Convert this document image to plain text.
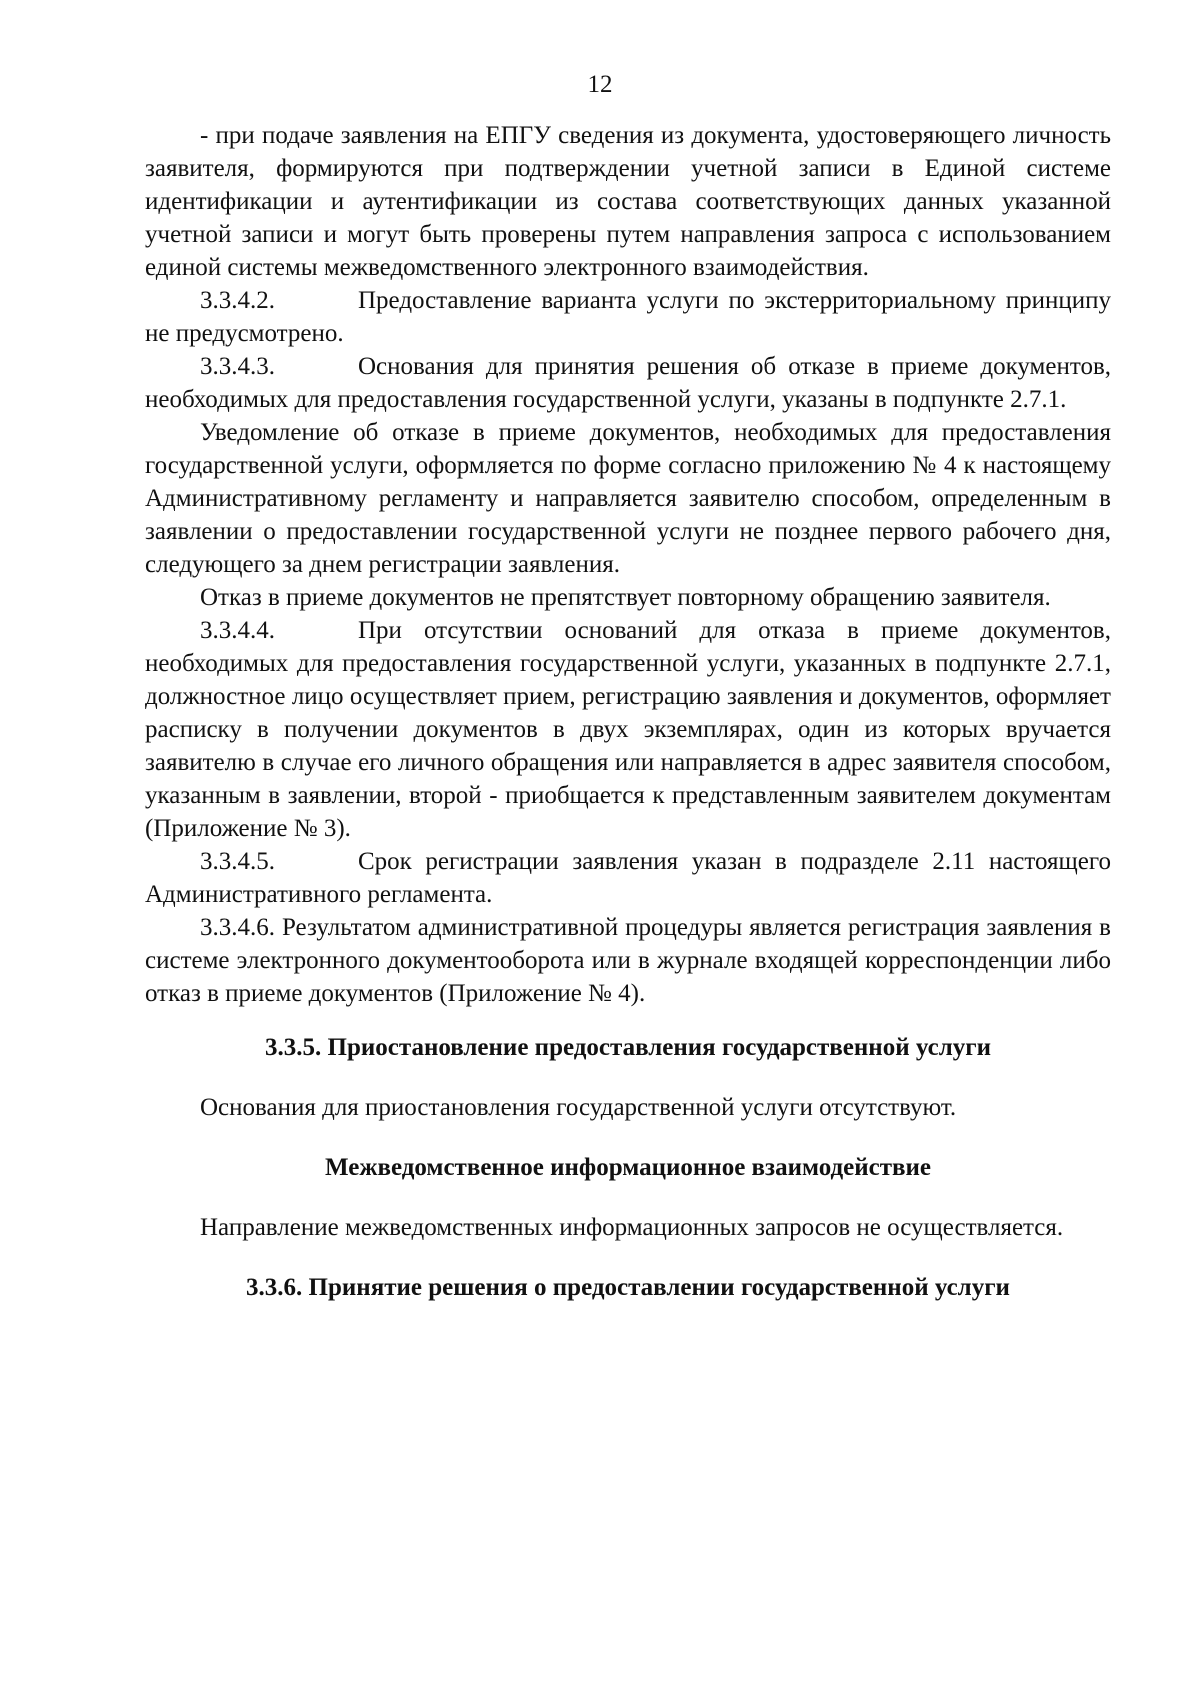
12

- при подаче заявления на ЕПГУ сведения из документа, удостоверяющего личность заявителя, формируются при подтверждении учетной записи в Единой системе идентификации и аутентификации из состава соответствующих данных указанной учетной записи и могут быть проверены путем направления запроса с использованием единой системы межведомственного электронного взаимодействия.

3.3.4.2.	Предоставление варианта услуги по экстерриториальному принципу не предусмотрено.

3.3.4.3.	Основания для принятия решения об отказе в приеме документов, необходимых для предоставления государственной услуги, указаны в подпункте 2.7.1.

Уведомление об отказе в приеме документов, необходимых для предоставления государственной услуги, оформляется по форме согласно приложению № 4 к настоящему Административному регламенту и направляется заявителю способом, определенным в заявлении о предоставлении государственной услуги не позднее первого рабочего дня, следующего за днем регистрации заявления.

Отказ в приеме документов не препятствует повторному обращению заявителя.

3.3.4.4.	При отсутствии оснований для отказа в приеме документов, необходимых для предоставления государственной услуги, указанных в подпункте 2.7.1, должностное лицо осуществляет прием, регистрацию заявления и документов, оформляет расписку в получении документов в двух экземплярах, один из которых вручается заявителю в случае его личного обращения или направляется в адрес заявителя способом, указанным в заявлении, второй - приобщается к представленным заявителем документам (Приложение № 3).

3.3.4.5.	Срок регистрации заявления указан в подразделе 2.11 настоящего Административного регламента.

3.3.4.6. Результатом административной процедуры является регистрация заявления в системе электронного документооборота или в журнале входящей корреспонденции либо отказ в приеме документов (Приложение № 4).

3.3.5. Приостановление предоставления государственной услуги

Основания для приостановления государственной услуги отсутствуют.

Межведомственное информационное взаимодействие

Направление межведомственных информационных запросов не осуществляется.

3.3.6. Принятие решения о предоставлении государственной услуги
